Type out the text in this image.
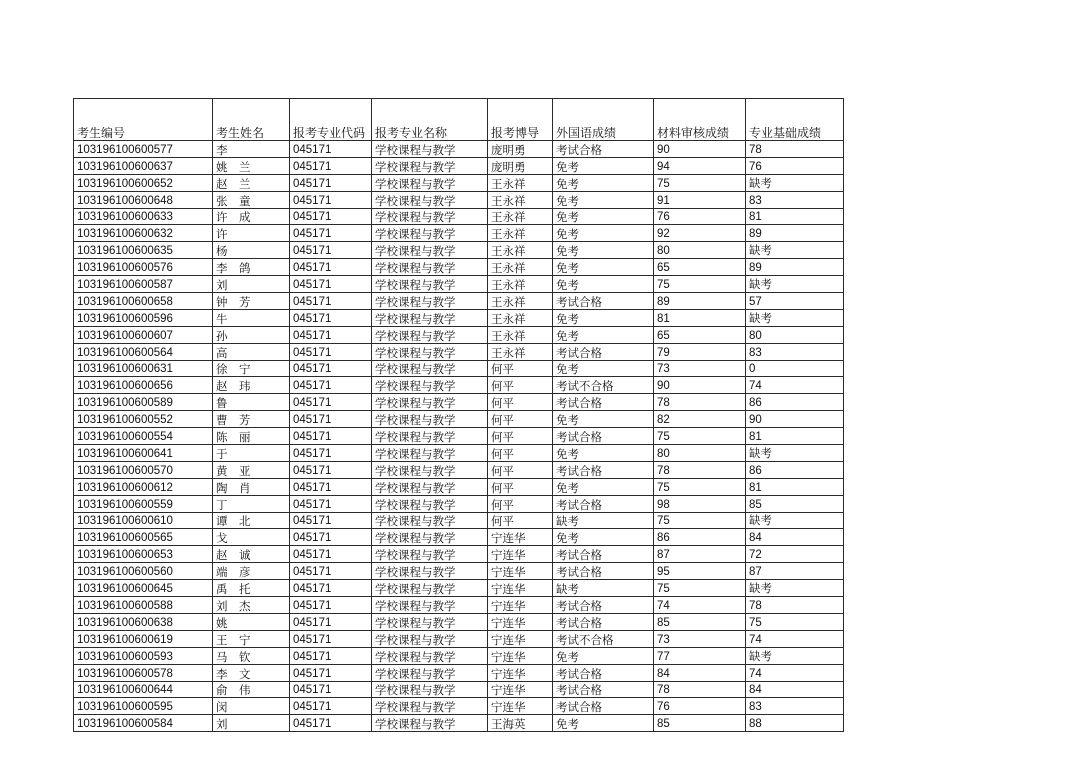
考生编号	考生姓名	报考专业代码	报考专业名称	报考博导	外国语成绩	材料审核成绩	专业基础成绩
103196100600577	李	045171	学校课程与教学	庞明勇	考试合格	90	78
103196100600637	姚　兰	045171	学校课程与教学	庞明勇	免考	94	76
103196100600652	赵　兰	045171	学校课程与教学	王永祥	免考	75	缺考
103196100600648	张　童	045171	学校课程与教学	王永祥	免考	91	83
103196100600633	许　成	045171	学校课程与教学	王永祥	免考	76	81
103196100600632	许	045171	学校课程与教学	王永祥	免考	92	89
103196100600635	杨	045171	学校课程与教学	王永祥	免考	80	缺考
103196100600576	李　鸽	045171	学校课程与教学	王永祥	免考	65	89
103196100600587	刘	045171	学校课程与教学	王永祥	免考	75	缺考
103196100600658	钟　芳	045171	学校课程与教学	王永祥	考试合格	89	57
103196100600596	牛	045171	学校课程与教学	王永祥	免考	81	缺考
103196100600607	孙	045171	学校课程与教学	王永祥	免考	65	80
103196100600564	高	045171	学校课程与教学	王永祥	考试合格	79	83
103196100600631	徐　宁	045171	学校课程与教学	何平	免考	73	0
103196100600656	赵　玮	045171	学校课程与教学	何平	考试不合格	90	74
103196100600589	鲁	045171	学校课程与教学	何平	考试合格	78	86
103196100600552	曹　芳	045171	学校课程与教学	何平	免考	82	90
103196100600554	陈　丽	045171	学校课程与教学	何平	考试合格	75	81
103196100600641	于	045171	学校课程与教学	何平	免考	80	缺考
103196100600570	黄　亚	045171	学校课程与教学	何平	考试合格	78	86
103196100600612	陶　肖	045171	学校课程与教学	何平	免考	75	81
103196100600559	丁	045171	学校课程与教学	何平	考试合格	98	85
103196100600610	谭　北	045171	学校课程与教学	何平	缺考	75	缺考
103196100600565	戈	045171	学校课程与教学	宁连华	免考	86	84
103196100600653	赵　诚	045171	学校课程与教学	宁连华	考试合格	87	72
103196100600560	端　彦	045171	学校课程与教学	宁连华	考试合格	95	87
103196100600645	禹　托	045171	学校课程与教学	宁连华	缺考	75	缺考
103196100600588	刘　杰	045171	学校课程与教学	宁连华	考试合格	74	78
103196100600638	姚	045171	学校课程与教学	宁连华	考试合格	85	75
103196100600619	王　宁	045171	学校课程与教学	宁连华	考试不合格	73	74
103196100600593	马　钦	045171	学校课程与教学	宁连华	免考	77	缺考
103196100600578	李　文	045171	学校课程与教学	宁连华	考试合格	84	74
103196100600644	俞　伟	045171	学校课程与教学	宁连华	考试合格	78	84
103196100600595	闵	045171	学校课程与教学	宁连华	考试合格	76	83
103196100600584	刘	045171	学校课程与教学	王海英	免考	85	88
